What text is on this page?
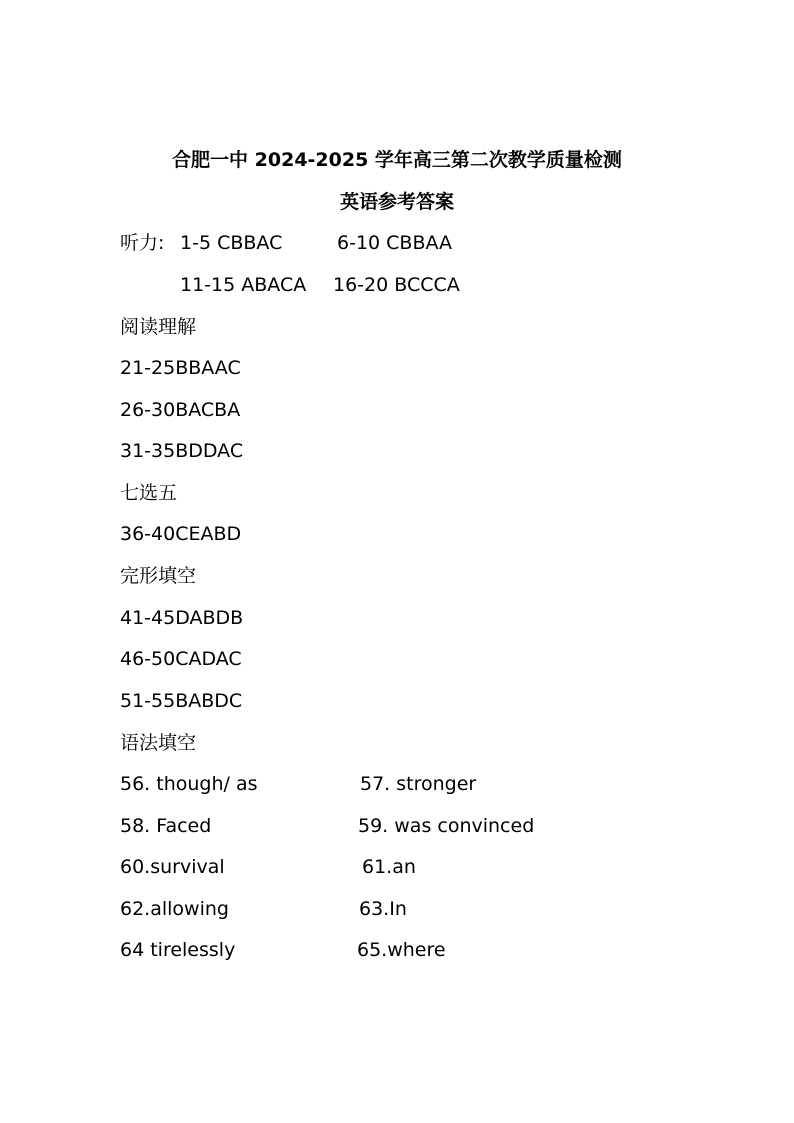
合肥一中 2024-2025 学年高三第二次教学质量检测
英语参考答案
听力: 1-5 CBBAC	6-10 CBBAA
11-15 ABACA 16-20 BCCCA
阅读理解
21-25BBAAC
26-30BACBA
31-35BDDAC
七选五
36-40CEABD
完形填空
41-45DABDB
46-50CADAC
51-55BABDC
语法填空
56. though/ as	57. stronger
58. Faced	59. was convinced
60.survival	61.an
62.allowing	63.In
64 tirelessly	65.where
